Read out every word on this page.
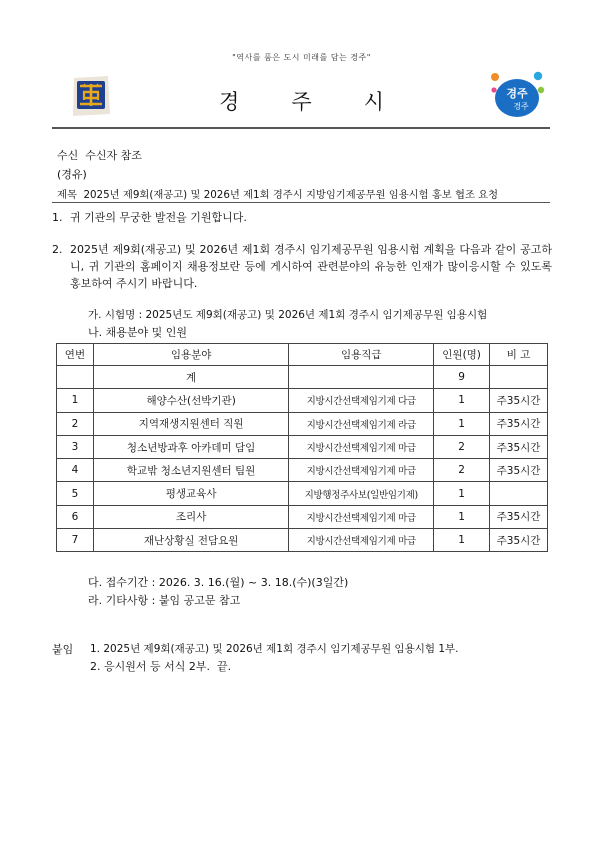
"역사를 품은 도시 미래를 담는 경주"
경 주 시	경주
경주
수신 수신자 참조
(경유)
제목 2025년 제9회(재공고) 및 2026년 제1회 경주시 지방임기제공무원 임용시험 홍보 협조 요청
1. 귀 기관의 무궁한 발전을 기원합니다.
2. 2025년 제9회(재공고) 및 2026년 제1회 경주시 임기제공무원 임용시험 계획을 다음과 같이 공고하니, 귀 기관의 홈페이지 채용정보란 등에 게시하여 관련분야의 유능한 인재가 많이응시할 수 있도록 홍보하여 주시기 바랍니다.
가. 시험명 : 2025년도 제9회(재공고) 및 2026년 제1회 경주시 임기제공무원 임용시험
나. 채용분야 및 인원
연번	임용분야	임용직급	인원(명)	비 고
	계		9	
1	해양수산(선박기관)	지방시간선택제임기제 다급	1	주35시간
2	지역재생지원센터 직원	지방시간선택제임기제 라급	1	주35시간
3	청소년방과후 아카데미 담임	지방시간선택제임기제 마급	2	주35시간
4	학교밖 청소년지원센터 팀원	지방시간선택제임기제 마급	2	주35시간
5	평생교육사	지방행정주사보(일반임기제)	1	
6	조리사	지방시간선택제임기제 마급	1	주35시간
7	재난상황실 전담요원	지방시간선택제임기제 마급	1	주35시간
다. 접수기간 : 2026. 3. 16.(월) ~ 3. 18.(수)(3일간)
라. 기타사항 : 붙임 공고문 참고
붙임 1. 2025년 제9회(재공고) 및 2026년 제1회 경주시 임기제공무원 임용시험 1부.
2. 응시원서 등 서식 2부. 끝.
